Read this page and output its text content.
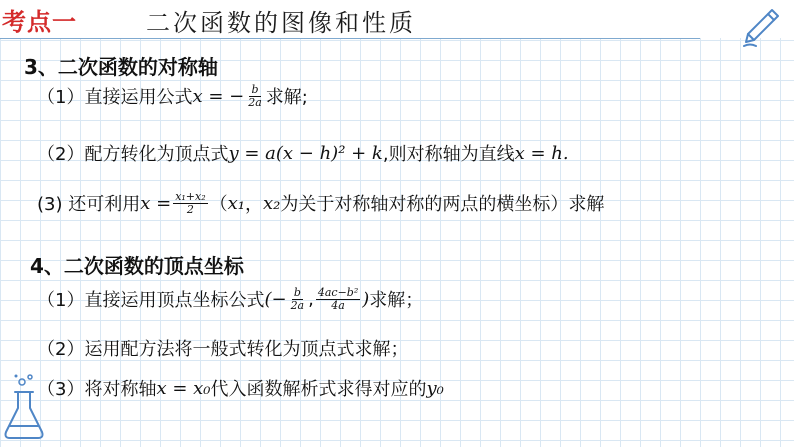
考点一	二次函数的图像和性质
3、二次函数的对称轴
（1）直接运用公式 x = − $\frac{b}{2a}$ 求解;
（2）配方转化为顶点式 y = a(x − h)² + k ,则对称轴为直线 x = h.
(3) 还可利用 $x = \frac{\text{x₁+x₂}}{2}$ （ x₁ ， x₂ 为关于对称轴对称的两点的横坐标）求解
4、二次函数的顶点坐标
（1）直接运用顶点坐标公式 (− $\frac{b}{2a}$ , $\frac{\text{4ac−b²}}{4a}$ ) 求解；
（2）运用配方法将一般式转化为顶点式求解；
（3）将对称轴 x = x₀ 代入函数解析式求得对应的 y₀
